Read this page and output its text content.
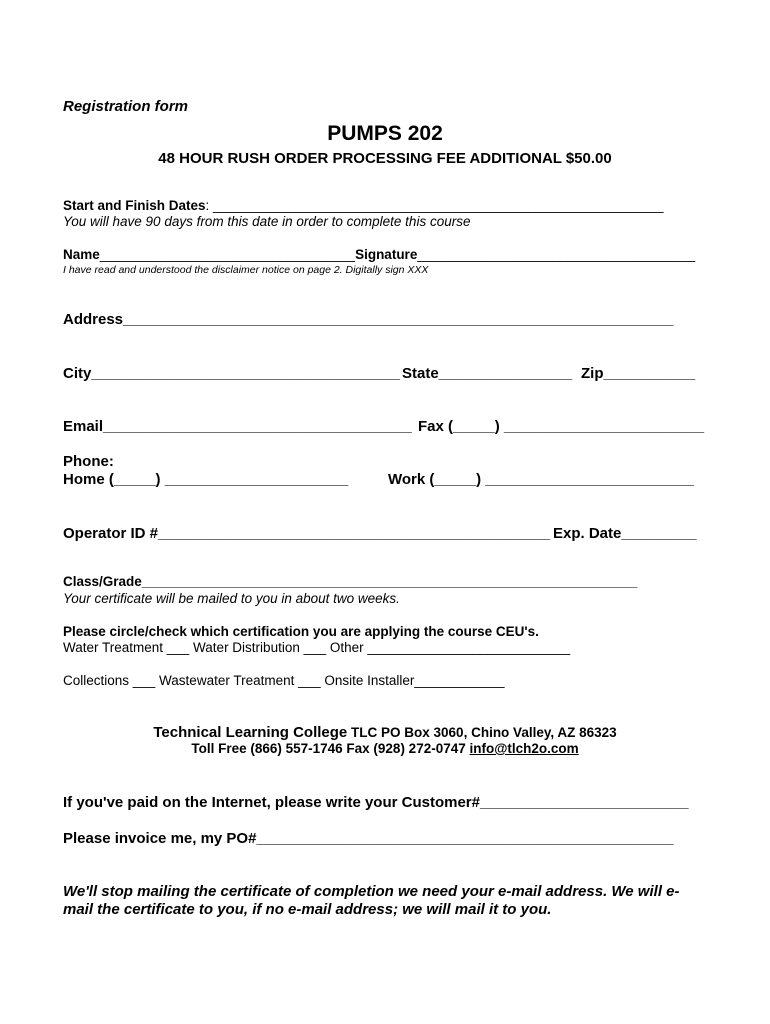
Registration form
PUMPS 202
48 HOUR RUSH ORDER PROCESSING FEE ADDITIONAL $50.00
Start and Finish Dates: ____________________________________________________________
You will have 90 days from this date in order to complete this course
Name__________________________________Signature_____________________________________
I have read and understood the disclaimer notice on page 2. Digitally sign XXX
Address__________________________________________________________________
City_____________________________________ State________________ Zip___________
Email_____________________________________ Fax (_____) ________________________
Phone:
Home (_____) ______________________	Work (_____) _________________________
Operator ID #_______________________________________________ Exp. Date_________
Class/Grade__________________________________________________________________
Your certificate will be mailed to you in about two weeks.
Please circle/check which certification you are applying the course CEU's.
Water Treatment ___ Water Distribution ___ Other ___________________________
Collections ___ Wastewater Treatment ___ Onsite Installer____________
Technical Learning College TLC PO Box 3060, Chino Valley, AZ 86323
Toll Free (866) 557-1746 Fax (928) 272-0747 info@tlch2o.com
If you've paid on the Internet, please write your Customer#_________________________
Please invoice me, my PO#__________________________________________________
We'll stop mailing the certificate of completion we need your e-mail address. We will e-
mail the certificate to you, if no e-mail address; we will mail it to you.
